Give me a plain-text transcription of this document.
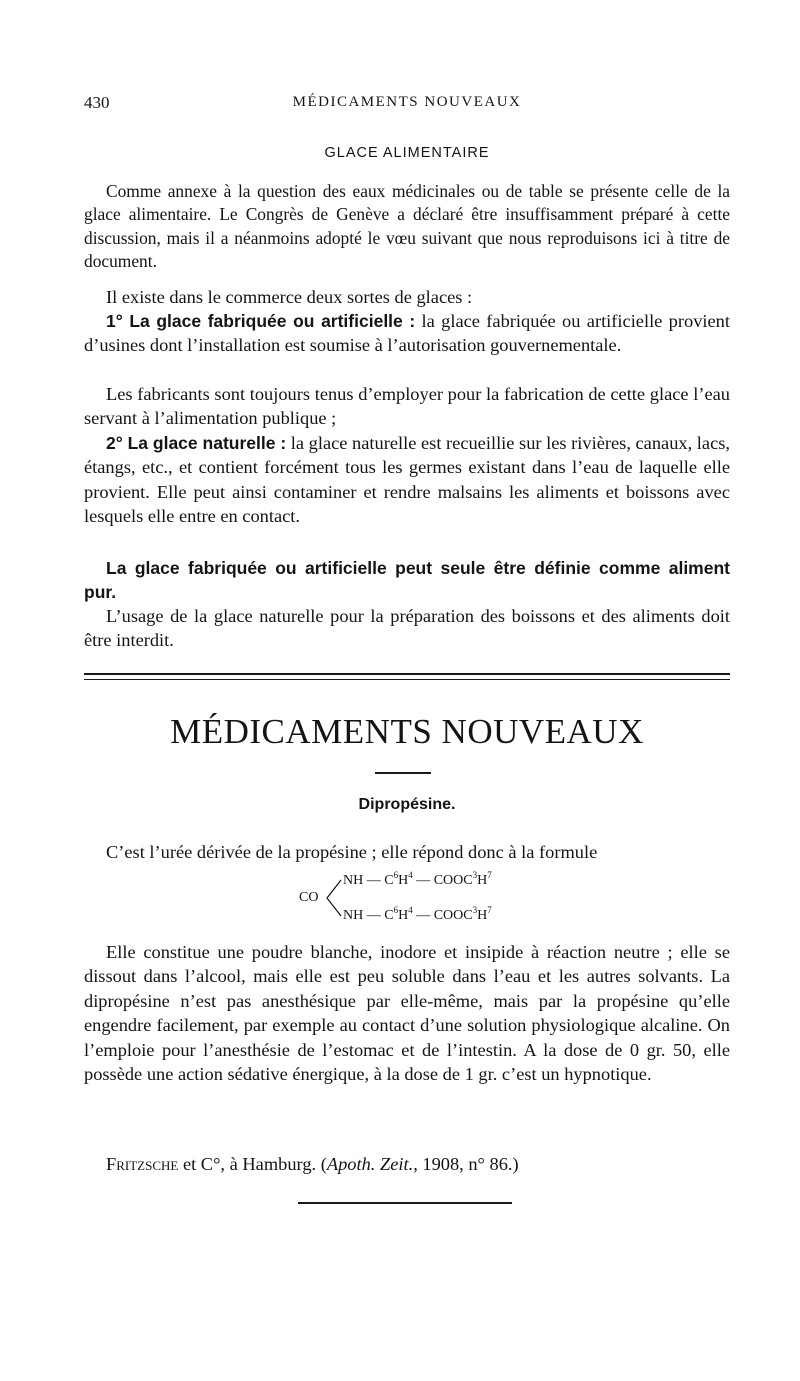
430	MÉDICAMENTS NOUVEAUX
GLACE ALIMENTAIRE

Comme annexe à la question des eaux médicinales ou de table se présente celle de la glace alimentaire. Le Congrès de Genève a déclaré être insuffisamment préparé à cette discussion, mais il a néanmoins adopté le vœu suivant que nous reproduisons ici à titre de document.

Il existe dans le commerce deux sortes de glaces :

1° La glace fabriquée ou artificielle : la glace fabriquée ou artificielle provient d’usines dont l’installation est soumise à l’autorisation gouvernementale.

Les fabricants sont toujours tenus d’employer pour la fabrication de cette glace l’eau servant à l’alimentation publique ;

2° La glace naturelle : la glace naturelle est recueillie sur les rivières, canaux, lacs, étangs, etc., et contient forcément tous les germes existant dans l’eau de laquelle elle provient. Elle peut ainsi contaminer et rendre malsains les aliments et boissons avec lesquels elle entre en contact.

La glace fabriquée ou artificielle peut seule être définie comme aliment pur.

L’usage de la glace naturelle pour la préparation des boissons et des aliments doit être interdit.

MÉDICAMENTS NOUVEAUX
Dipropésine.

C’est l’urée dérivée de la propésine ; elle répond donc à la formule

CO
NH — $C^6H^4$ — $COOC^3H^7$
NH — $C^6H^4$ — $COOC^3H^7$

Elle constitue une poudre blanche, inodore et insipide à réaction neutre ; elle se dissout dans l’alcool, mais elle est peu soluble dans l’eau et les autres solvants. La dipropésine n’est pas anesthésique par elle-même, mais par la propésine qu’elle engendre facilement, par exemple au contact d’une solution physiologique alcaline. On l’emploie pour l’anesthésie de l’estomac et de l’intestin. A la dose de 0 gr. 50, elle possède une action sédative énergique, à la dose de 1 gr. c’est un hypnotique.

Fritzsche et C°, à Hamburg. (Apoth. Zeit., 1908, n° 86.)
